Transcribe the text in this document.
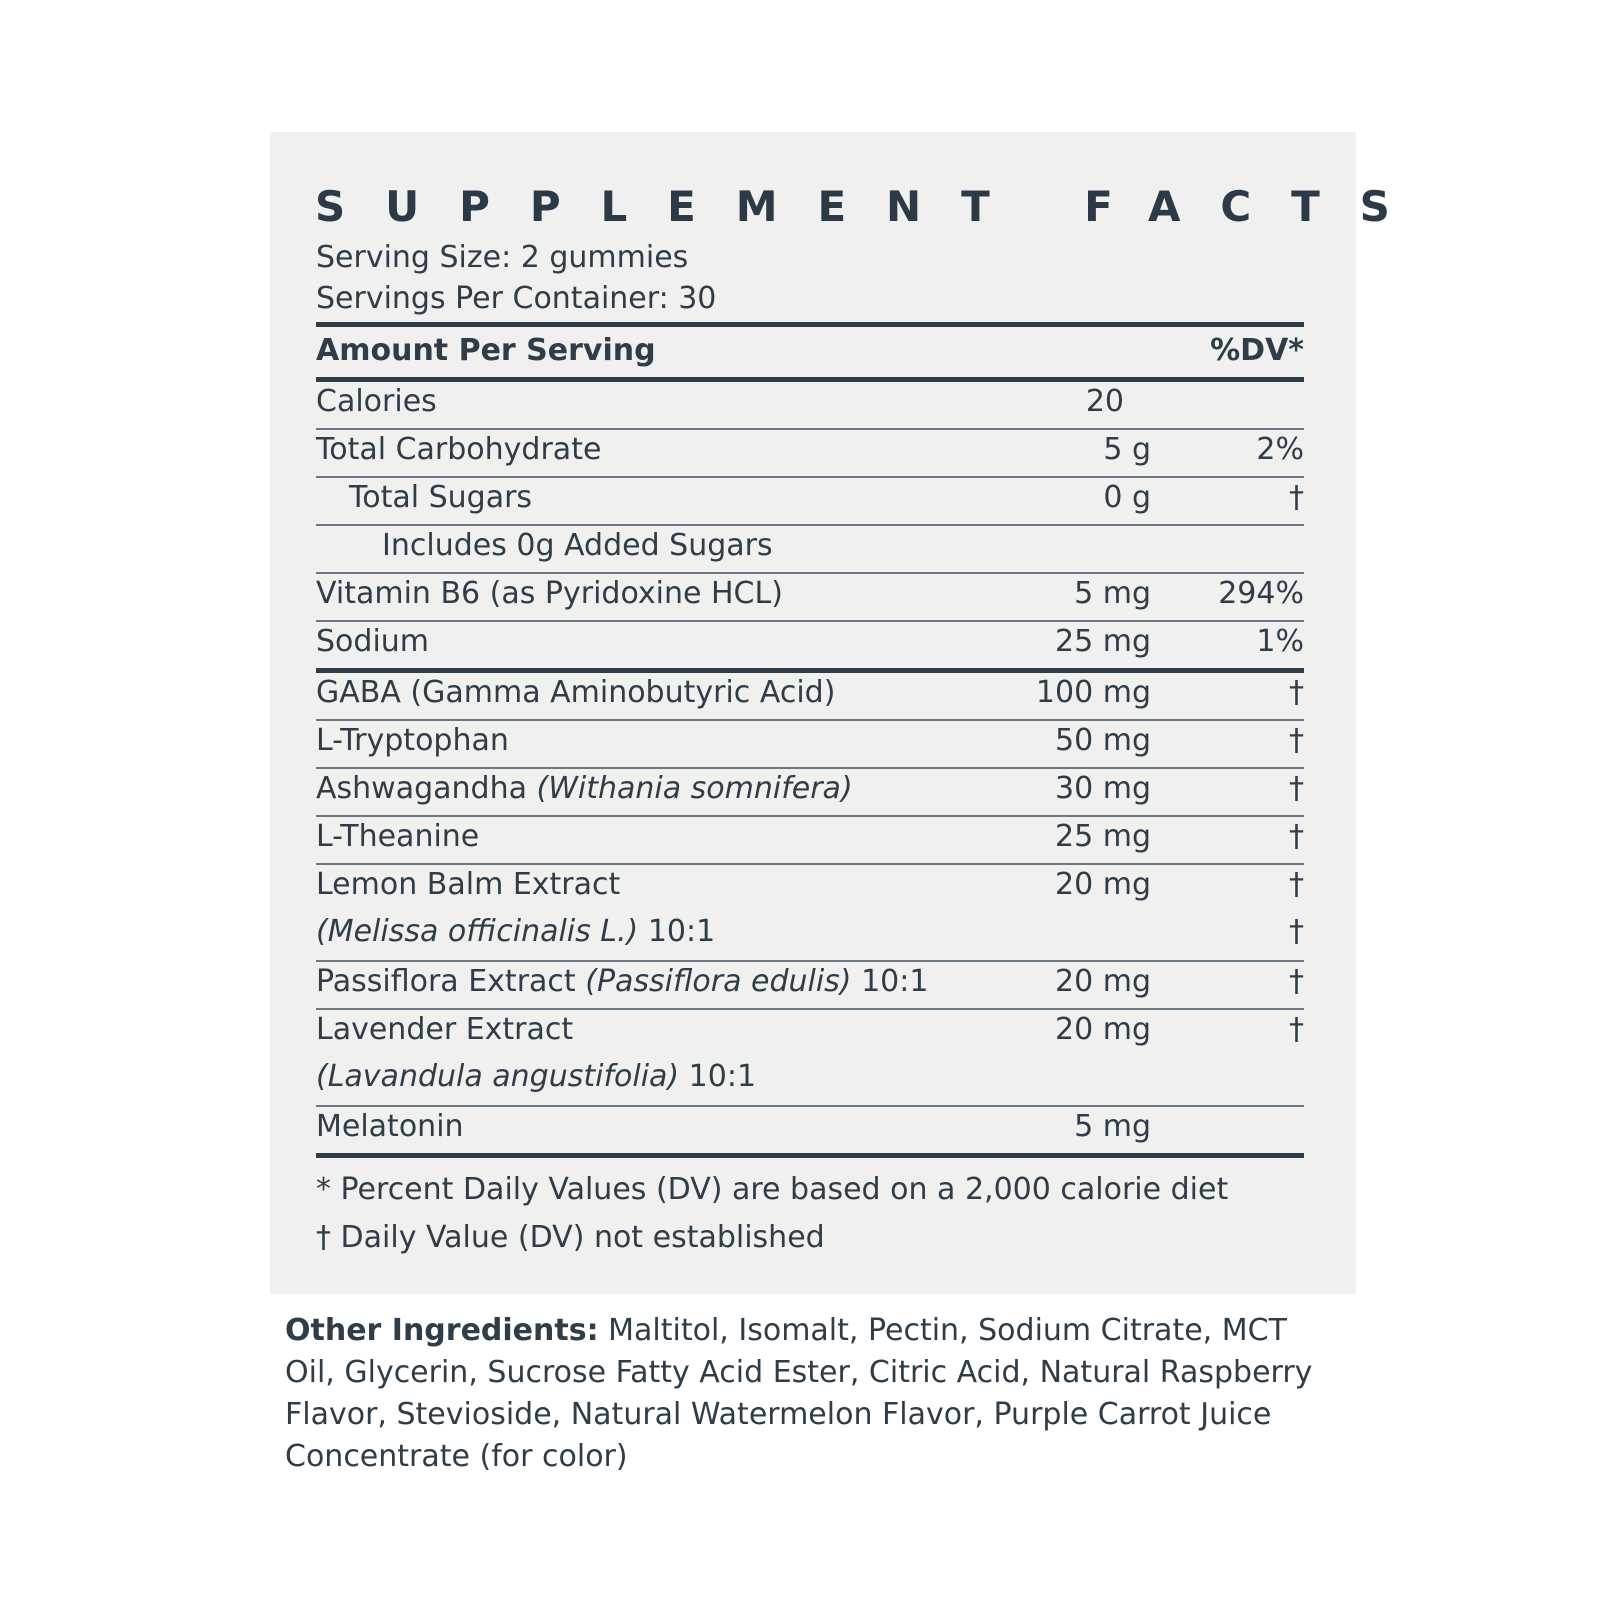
SUPPLEMENT FACTS
Serving Size: 2 gummies
Servings Per Container: 30
Amount Per Serving	%DV*
Calories	20
Total Carbohydrate	5 g	2%
Total Sugars	0 g	†
Includes 0g Added Sugars
Vitamin B6 (as Pyridoxine HCL)	5 mg 294%
Sodium	25 mg	1%
GABA (Gamma Aminobutyric Acid)	100 mg	†
L-Tryptophan	50 mg	†
Ashwagandha (Withania somnifera)	30 mg	†
L-Theanine	25 mg	†
Lemon Balm Extract	20 mg	†
(Melissa officinalis L.) 10:1	†
Passiflora Extract (Passiflora edulis) 10:1	20 mg	†
Lavender Extract	20 mg	†
(Lavandula angustifolia) 10:1
Melatonin	5 mg
* Percent Daily Values (DV) are based on a 2,000 calorie diet
† Daily Value (DV) not established
Other Ingredients: Maltitol, Isomalt, Pectin, Sodium Citrate, MCT Oil, Glycerin, Sucrose Fatty Acid Ester, Citric Acid, Natural Raspberry Flavor, Stevioside, Natural Watermelon Flavor, Purple Carrot Juice Concentrate (for color)
